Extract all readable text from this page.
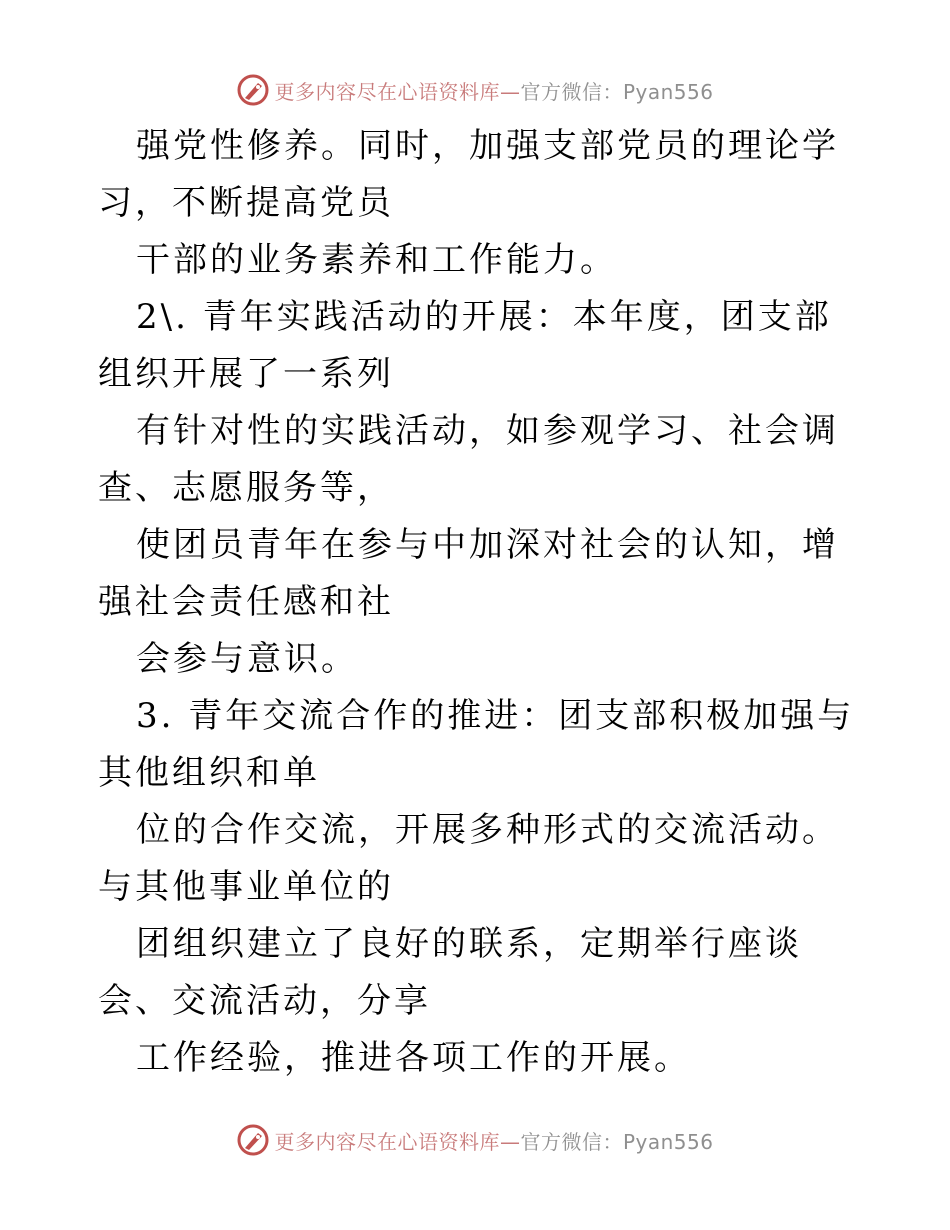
更多内容尽在心语资料库—官方微信：Pyan556

强党性修养。同时，加强支部党员的理论学习，不断提高党员

干部的业务素养和工作能力。

2\. 青年实践活动的开展：本年度，团支部组织开展了一系列

有针对性的实践活动，如参观学习、社会调查、志愿服务等，

使团员青年在参与中加深对社会的认知，增强社会责任感和社

会参与意识。

3. 青年交流合作的推进：团支部积极加强与其他组织和单

位的合作交流，开展多种形式的交流活动。与其他事业单位的

团组织建立了良好的联系，定期举行座谈会、交流活动，分享

工作经验，推进各项工作的开展。

更多内容尽在心语资料库—官方微信：Pyan556
